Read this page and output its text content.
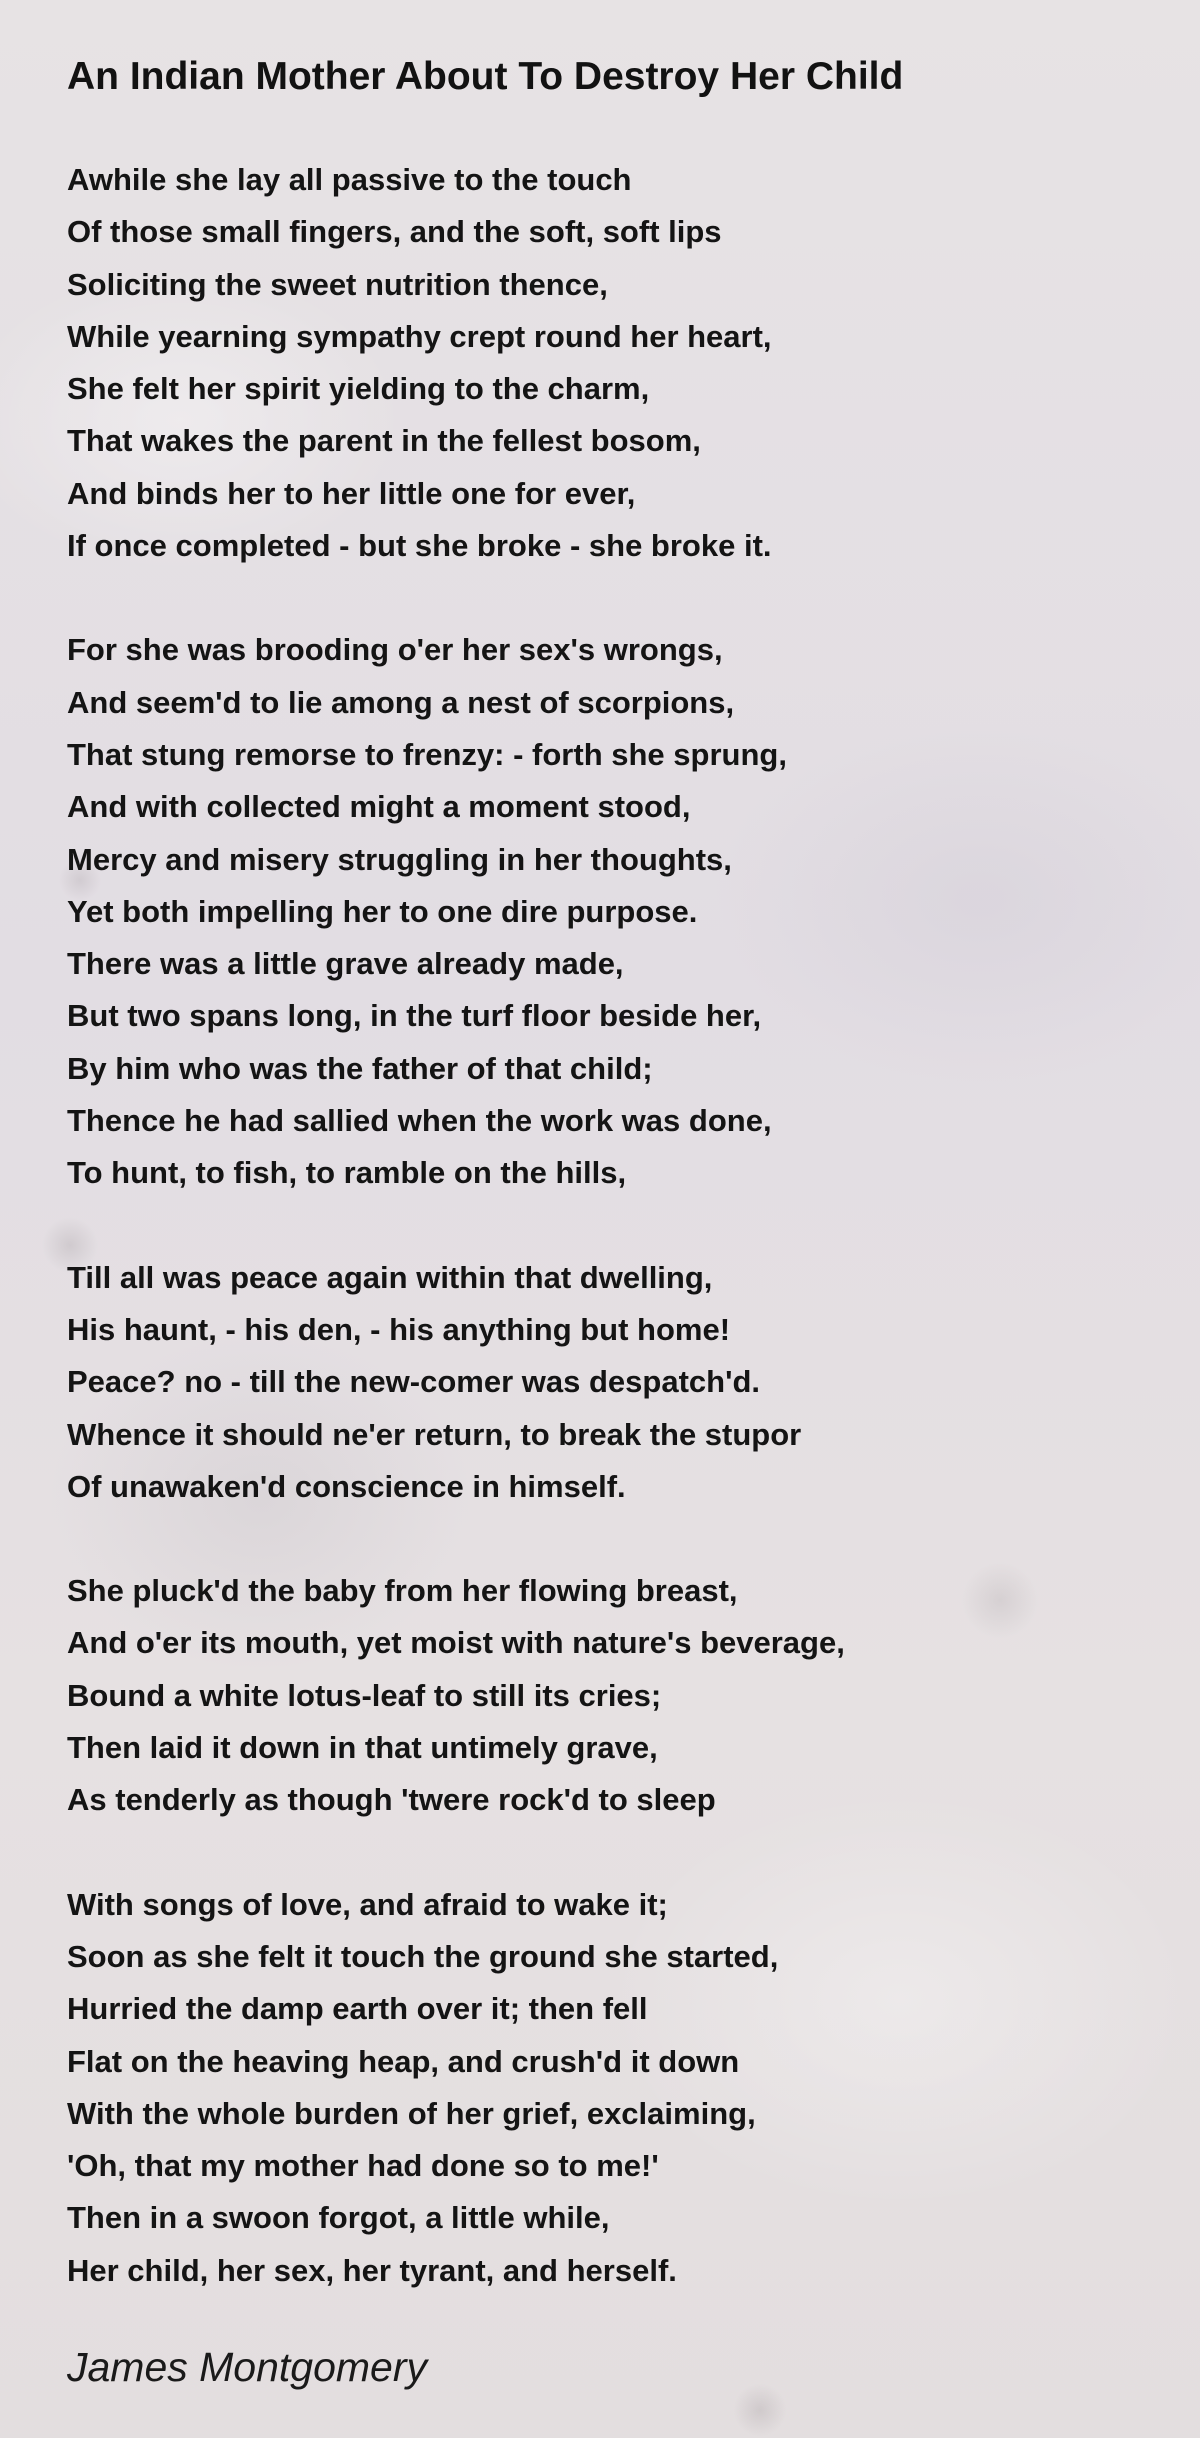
An Indian Mother About To Destroy Her Child
Awhile she lay all passive to the touch
Of those small fingers, and the soft, soft lips
Soliciting the sweet nutrition thence,
While yearning sympathy crept round her heart,
She felt her spirit yielding to the charm,
That wakes the parent in the fellest bosom,
And binds her to her little one for ever,
If once completed - but she broke - she broke it.
For she was brooding o'er her sex's wrongs,
And seem'd to lie among a nest of scorpions,
That stung remorse to frenzy: - forth she sprung,
And with collected might a moment stood,
Mercy and misery struggling in her thoughts,
Yet both impelling her to one dire purpose.
There was a little grave already made,
But two spans long, in the turf floor beside her,
By him who was the father of that child;
Thence he had sallied when the work was done,
To hunt, to fish, to ramble on the hills,
Till all was peace again within that dwelling,
His haunt, - his den, - his anything but home!
Peace? no - till the new-comer was despatch'd.
Whence it should ne'er return, to break the stupor
Of unawaken'd conscience in himself.
She pluck'd the baby from her flowing breast,
And o'er its mouth, yet moist with nature's beverage,
Bound a white lotus-leaf to still its cries;
Then laid it down in that untimely grave,
As tenderly as though 'twere rock'd to sleep
With songs of love, and afraid to wake it;
Soon as she felt it touch the ground she started,
Hurried the damp earth over it; then fell
Flat on the heaving heap, and crush'd it down
With the whole burden of her grief, exclaiming,
'Oh, that my mother had done so to me!'
Then in a swoon forgot, a little while,
Her child, her sex, her tyrant, and herself.
James Montgomery
